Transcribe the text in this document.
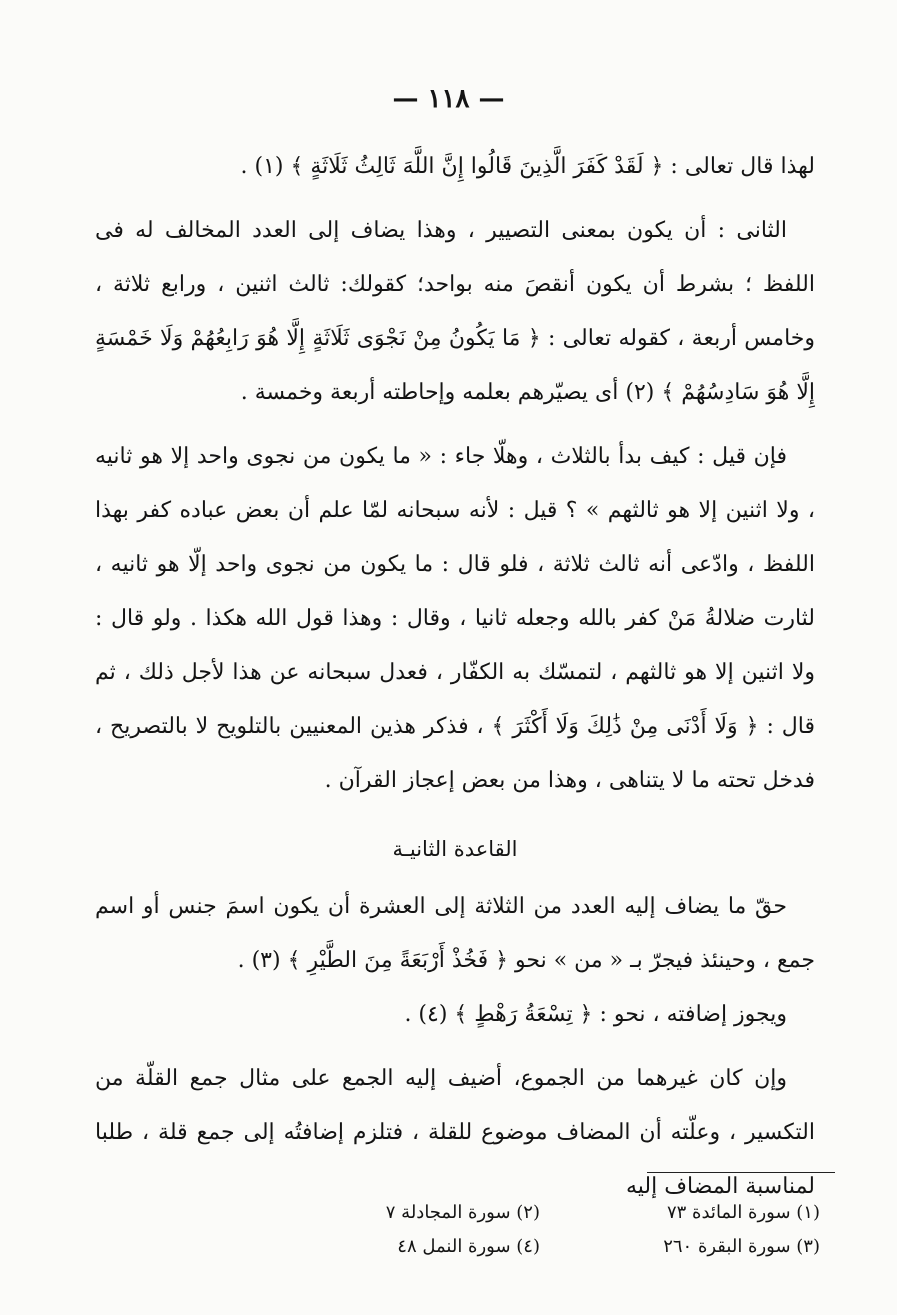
— ١١٨ —

لهذا قال تعالى : ﴿ لَقَدْ كَفَرَ الَّذِينَ قَالُوا إِنَّ اللَّهَ ثَالِثُ ثَلَاثَةٍ ﴾ (١) .

الثانى : أن يكون بمعنى التصيير ، وهذا يضاف إلى العدد المخالف له فى اللفظ ؛ بشرط أن يكون أنقصَ منه بواحد؛ كقولك: ثالث اثنين ، ورابع ثلاثة ، وخامس أربعة ، كقوله تعالى : ﴿ مَا يَكُونُ مِنْ نَجْوَى ثَلَاثَةٍ إِلَّا هُوَ رَابِعُهُمْ وَلَا خَمْسَةٍ إِلَّا هُوَ سَادِسُهُمْ ﴾ (٢) أى يصيّرهم بعلمه وإحاطته أربعة وخمسة .

فإن قيل : كيف بدأ بالثلاث ، وهلّا جاء : « ما يكون من نجوى واحد إلا هو ثانيه ، ولا اثنين إلا هو ثالثهم » ؟ قيل : لأنه سبحانه لمّا علم أن بعض عباده كفر بهذا اللفظ ، وادّعى أنه ثالث ثلاثة ، فلو قال : ما يكون من نجوى واحد إلّا هو ثانيه ، لثارت ضلالةُ مَنْ كفر بالله وجعله ثانيا ، وقال : وهذا قول الله هكذا . ولو قال : ولا اثنين إلا هو ثالثهم ، لتمسّك به الكفّار ، فعدل سبحانه عن هذا لأجل ذلك ، ثم قال : ﴿ وَلَا أَدْنَى مِنْ ذَٰلِكَ وَلَا أَكْثَرَ ﴾ ، فذكر هذين المعنيين بالتلويح لا بالتصريح ، فدخل تحته ما لا يتناهى ، وهذا من بعض إعجاز القرآن .

القاعدة الثانيـة

حقّ ما يضاف إليه العدد من الثلاثة إلى العشرة أن يكون اسمَ جنس أو اسم جمع ، وحينئذ فيجرّ بـ « من » نحو ﴿ فَخُذْ أَرْبَعَةً مِنَ الطَّيْرِ ﴾ (٣) .

ويجوز إضافته ، نحو : ﴿ تِسْعَةُ رَهْطٍ ﴾ (٤) .

وإن كان غيرهما من الجموع، أضيف إليه الجمع على مثال جمع القلّة من التكسير ، وعلّته أن المضاف موضوع للقلة ، فتلزم إضافتُه إلى جمع قلة ، طلبا لمناسبة المضاف إليه

(١) سورة المائدة ٧٣
(٢) سورة المجادلة ٧
(٣) سورة البقرة ٢٦٠
(٤) سورة النمل ٤٨
